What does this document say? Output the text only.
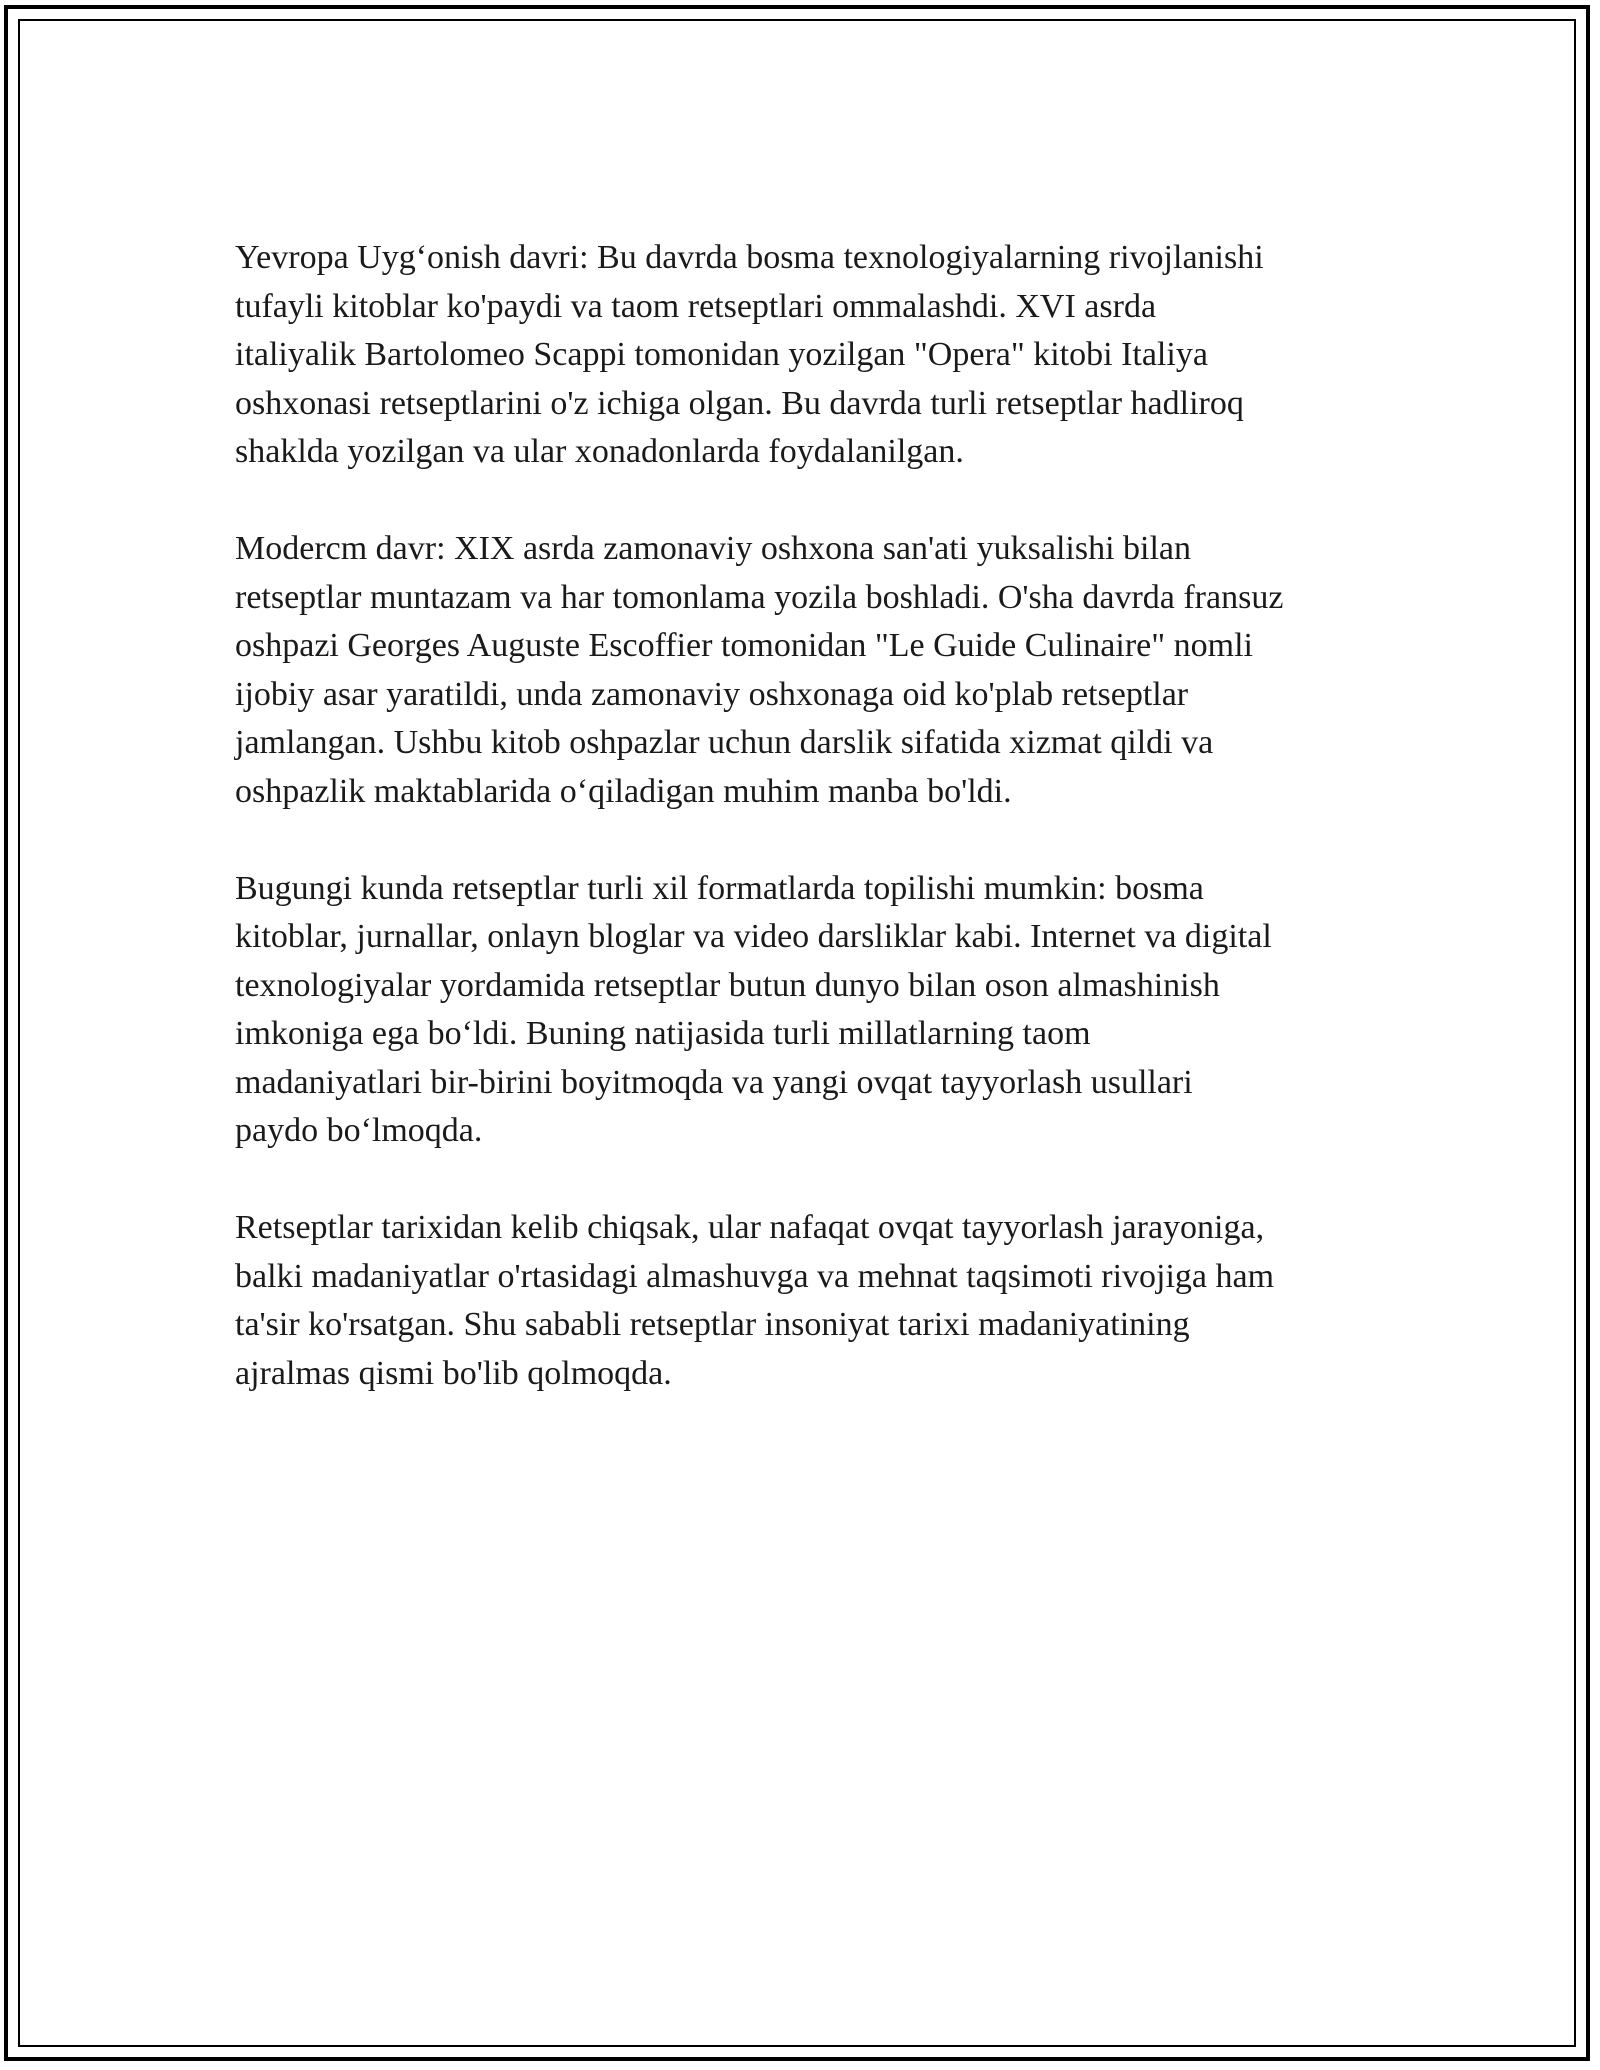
Yevropa Uyg‘onish davri: Bu davrda bosma texnologiyalarning rivojlanishi
tufayli kitoblar ko'paydi va taom retseptlari ommalashdi. XVI asrda
italiyalik Bartolomeo Scappi tomonidan yozilgan "Opera" kitobi Italiya
oshxonasi retseptlarini o'z ichiga olgan. Bu davrda turli retseptlar hadliroq
shaklda yozilgan va ular xonadonlarda foydalanilgan.

Modercm davr: XIX asrda zamonaviy oshxona san'ati yuksalishi bilan
retseptlar muntazam va har tomonlama yozila boshladi. O'sha davrda fransuz
oshpazi Georges Auguste Escoffier tomonidan "Le Guide Culinaire" nomli
ijobiy asar yaratildi, unda zamonaviy oshxonaga oid ko'plab retseptlar
jamlangan. Ushbu kitob oshpazlar uchun darslik sifatida xizmat qildi va
oshpazlik maktablarida o‘qiladigan muhim manba bo'ldi.

Bugungi kunda retseptlar turli xil formatlarda topilishi mumkin: bosma
kitoblar, jurnallar, onlayn bloglar va video darsliklar kabi. Internet va digital
texnologiyalar yordamida retseptlar butun dunyo bilan oson almashinish
imkoniga ega bo‘ldi. Buning natijasida turli millatlarning taom
madaniyatlari bir-birini boyitmoqda va yangi ovqat tayyorlash usullari
paydo bo‘lmoqda.

Retseptlar tarixidan kelib chiqsak, ular nafaqat ovqat tayyorlash jarayoniga,
balki madaniyatlar o'rtasidagi almashuvga va mehnat taqsimoti rivojiga ham
ta'sir ko'rsatgan. Shu sababli retseptlar insoniyat tarixi madaniyatining
ajralmas qismi bo'lib qolmoqda.
